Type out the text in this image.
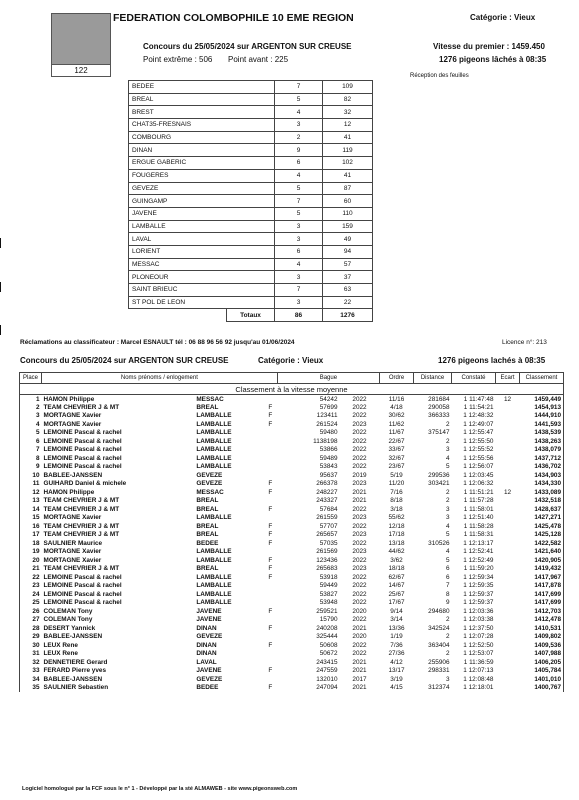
122
FEDERATION COLOMBOPHILE 10 EME REGION	Catégorie : Vieux
Concours du 25/05/2024 sur ARGENTON SUR CREUSE
Point extrême : 506 Point avant : 225
Vitesse du premier : 1459.450
1276 pigeons lâchés à 08:35
Réception des feuilles
BEDEE		7	109
BREAL		5	82
BREST		4	32
CHAT35-FRESNAIS		3	12
COMBOURG		2	41
DINAN		9	119
ERGUE GABERIC		6	102
FOUGERES		4	41
GEVEZE		5	87
GUINGAMP		7	60
JAVENE		5	110
LAMBALLE		3	159
LAVAL		3	49
LORIENT		6	94
MESSAC		4	57
PLONEOUR		3	37
SAINT BRIEUC		7	63
ST POL DE LEON		3	22
	Totaux	86	1276
Réclamations au classificateur : Marcel ESNAULT tél : 06 88 96 56 92 jusqu'au 01/06/2024	Licence n°: 213
Concours du 25/05/2024 sur ARGENTON SUR CREUSE	Catégorie : Vieux	1276 pigeons lachés à 08:35
Place	Noms prénoms / enlogement			Bague		Ordre	Distance	Constaté	Ecart	Classement
Classement à la vitesse moyenne										
1	HAMON Philippe	MESSAC		54242	2022	11/16	281684	1 11:47:48	12	1459,449
2	TEAM CHEVRIER J & MT	BREAL	F	57699	2022	4/18	290058	1 11:54:21		1454,913
3	MORTAGNE Xavier	LAMBALLE	F	123411	2022	30/62	366333	1 12:48:32		1444,910
4	MORTAGNE Xavier	LAMBALLE	F	261524	2023	11/62	2	1 12:49:07		1441,593
5	LEMOINE Pascal & rachel	LAMBALLE		59480	2022	11/67	375147	1 12:55:47		1438,539
6	LEMOINE Pascal & rachel	LAMBALLE		1138198	2022	22/67	2	1 12:55:50		1438,263
7	LEMOINE Pascal & rachel	LAMBALLE		53866	2022	33/67	3	1 12:55:52		1438,079
8	LEMOINE Pascal & rachel	LAMBALLE		59489	2022	32/67	4	1 12:55:56		1437,712
9	LEMOINE Pascal & rachel	LAMBALLE		53843	2022	23/67	5	1 12:56:07		1436,702
10	BABLEE-JANSSEN	GEVEZE		95637	2019	5/19	299536	1 12:03:45		1434,903
11	GUIHARD Daniel & michele	GEVEZE	F	266378	2023	11/20	303421	1 12:06:32		1434,330
12	HAMON Philippe	MESSAC	F	248227	2021	7/16	2	1 11:51:21	12	1433,089
13	TEAM CHEVRIER J & MT	BREAL		243327	2021	8/18	2	1 11:57:28		1432,518
14	TEAM CHEVRIER J & MT	BREAL	F	57684	2022	3/18	3	1 11:58:01		1428,637
15	MORTAGNE Xavier	LAMBALLE		261559	2023	55/62	3	1 12:51:40		1427,271
16	TEAM CHEVRIER J & MT	BREAL	F	57707	2022	12/18	4	1 11:58:28		1425,478
17	TEAM CHEVRIER J & MT	BREAL	F	265657	2023	17/18	5	1 11:58:31		1425,128
18	SAULNIER Maurice	BEDEE	F	57035	2022	13/18	310526	1 12:13:17		1422,582
19	MORTAGNE Xavier	LAMBALLE		261569	2023	44/62	4	1 12:52:41		1421,640
20	MORTAGNE Xavier	LAMBALLE	F	123436	2022	3/62	5	1 12:52:49		1420,905
21	TEAM CHEVRIER J & MT	BREAL	F	265683	2023	18/18	6	1 11:59:20		1419,432
22	LEMOINE Pascal & rachel	LAMBALLE	F	53918	2022	62/67	6	1 12:59:34		1417,967
23	LEMOINE Pascal & rachel	LAMBALLE		59449	2022	14/67	7	1 12:59:35		1417,878
24	LEMOINE Pascal & rachel	LAMBALLE		53827	2022	25/67	8	1 12:59:37		1417,699
25	LEMOINE Pascal & rachel	LAMBALLE		53948	2022	17/67	9	1 12:59:37		1417,699
26	COLEMAN Tony	JAVENE	F	259521	2020	9/14	294680	1 12:03:36		1412,703
27	COLEMAN Tony	JAVENE		15790	2022	3/14	2	1 12:03:38		1412,478
28	DESERT Yannick	DINAN	F	240208	2021	13/36	342524	1 12:37:50		1410,531
29	BABLEE-JANSSEN	GEVEZE		325444	2020	1/19	2	1 12:07:28		1409,802
30	LEUX Rene	DINAN	F	50608	2022	7/36	363404	1 12:52:50		1409,536
31	LEUX Rene	DINAN		50672	2022	27/36	2	1 12:53:07		1407,988
32	DENNETIERE Gerard	LAVAL		243415	2021	4/12	255906	1 11:36:59		1406,205
33	FERARD Pierre yves	JAVENE	F	247559	2021	13/17	298331	1 12:07:13		1405,784
34	BABLEE-JANSSEN	GEVEZE		132010	2017	3/19	3	1 12:08:48		1401,010
35	SAULNIER Sebastien	BEDEE	F	247094	2021	4/15	312374	1 12:18:01		1400,767
Logiciel homologué par la FCF sous le n° 1 - Développé par la sté ALMAWEB - site www.pigeonsweb.com
